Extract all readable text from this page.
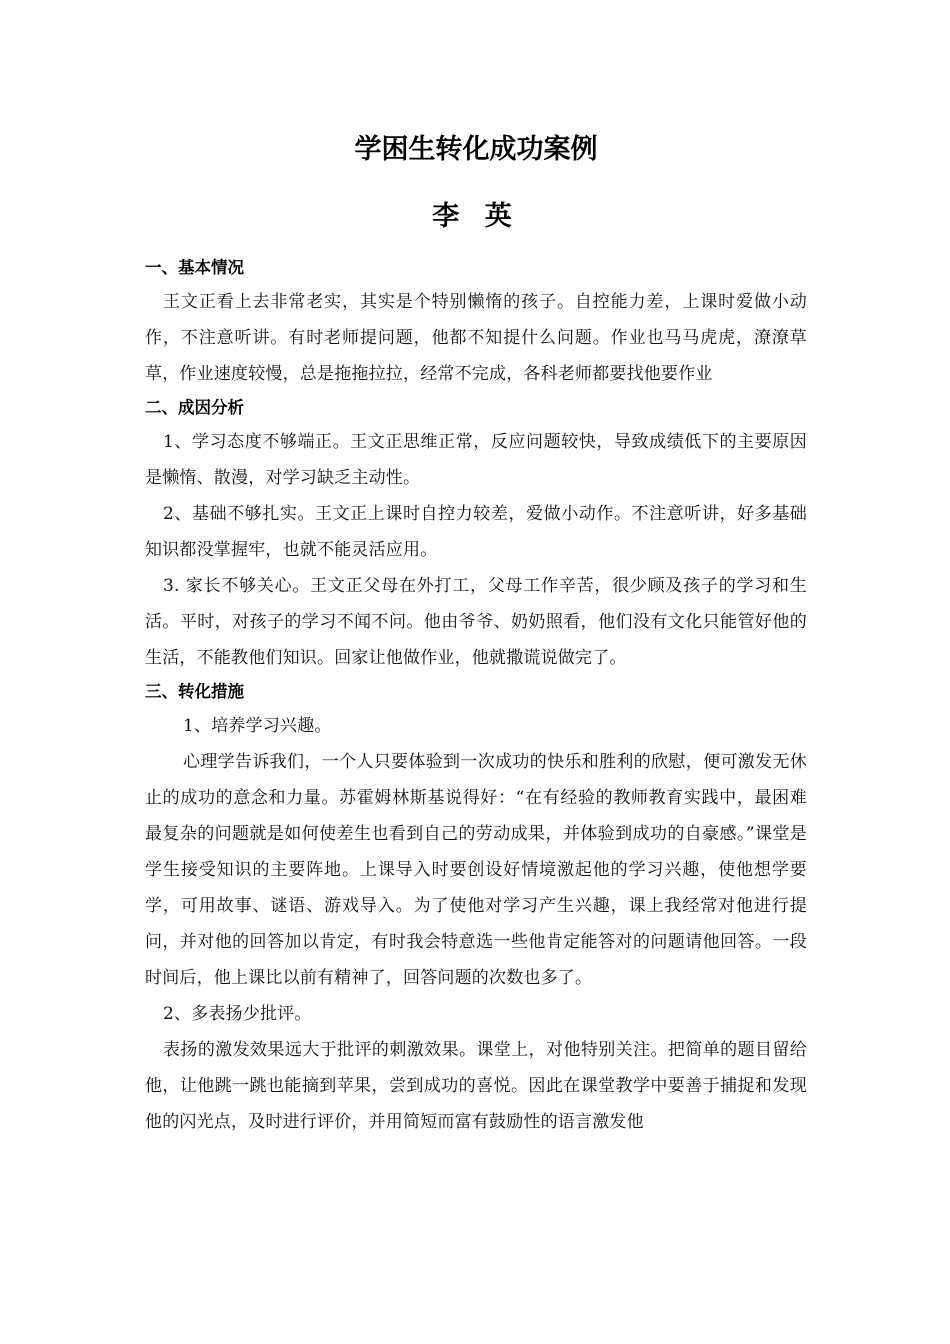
学困生转化成功案例
李 英
一、基本情况
王文正看上去非常老实，其实是个特别懒惰的孩子。自控能力差，上课时爱做小动作，不注意听讲。有时老师提问题，他都不知提什么问题。作业也马马虎虎，潦潦草草，作业速度较慢，总是拖拖拉拉，经常不完成，各科老师都要找他要作业
二、成因分析
1、学习态度不够端正。王文正思维正常，反应问题较快，导致成绩低下的主要原因是懒惰、散漫，对学习缺乏主动性。
2、基础不够扎实。王文正上课时自控力较差，爱做小动作。不注意听讲，好多基础知识都没掌握牢，也就不能灵活应用。
3. 家长不够关心。王文正父母在外打工，父母工作辛苦，很少顾及孩子的学习和生活。平时，对孩子的学习不闻不问。他由爷爷、奶奶照看，他们没有文化只能管好他的生活，不能教他们知识。回家让他做作业，他就撒谎说做完了。
三、转化措施
1、培养学习兴趣。
心理学告诉我们，一个人只要体验到一次成功的快乐和胜利的欣慰，便可激发无休止的成功的意念和力量。苏霍姆林斯基说得好：“在有经验的教师教育实践中，最困难最复杂的问题就是如何使差生也看到自己的劳动成果，并体验到成功的自豪感。”课堂是学生接受知识的主要阵地。上课导入时要创设好情境激起他的学习兴趣，使他想学要学，可用故事、谜语、游戏导入。为了使他对学习产生兴趣，课上我经常对他进行提问，并对他的回答加以肯定，有时我会特意选一些他肯定能答对的问题请他回答。一段时间后，他上课比以前有精神了，回答问题的次数也多了。
2、多表扬少批评。
表扬的激发效果远大于批评的刺激效果。课堂上，对他特别关注。把简单的题目留给他，让他跳一跳也能摘到苹果，尝到成功的喜悦。因此在课堂教学中要善于捕捉和发现他的闪光点，及时进行评价，并用简短而富有鼓励性的语言激发他
